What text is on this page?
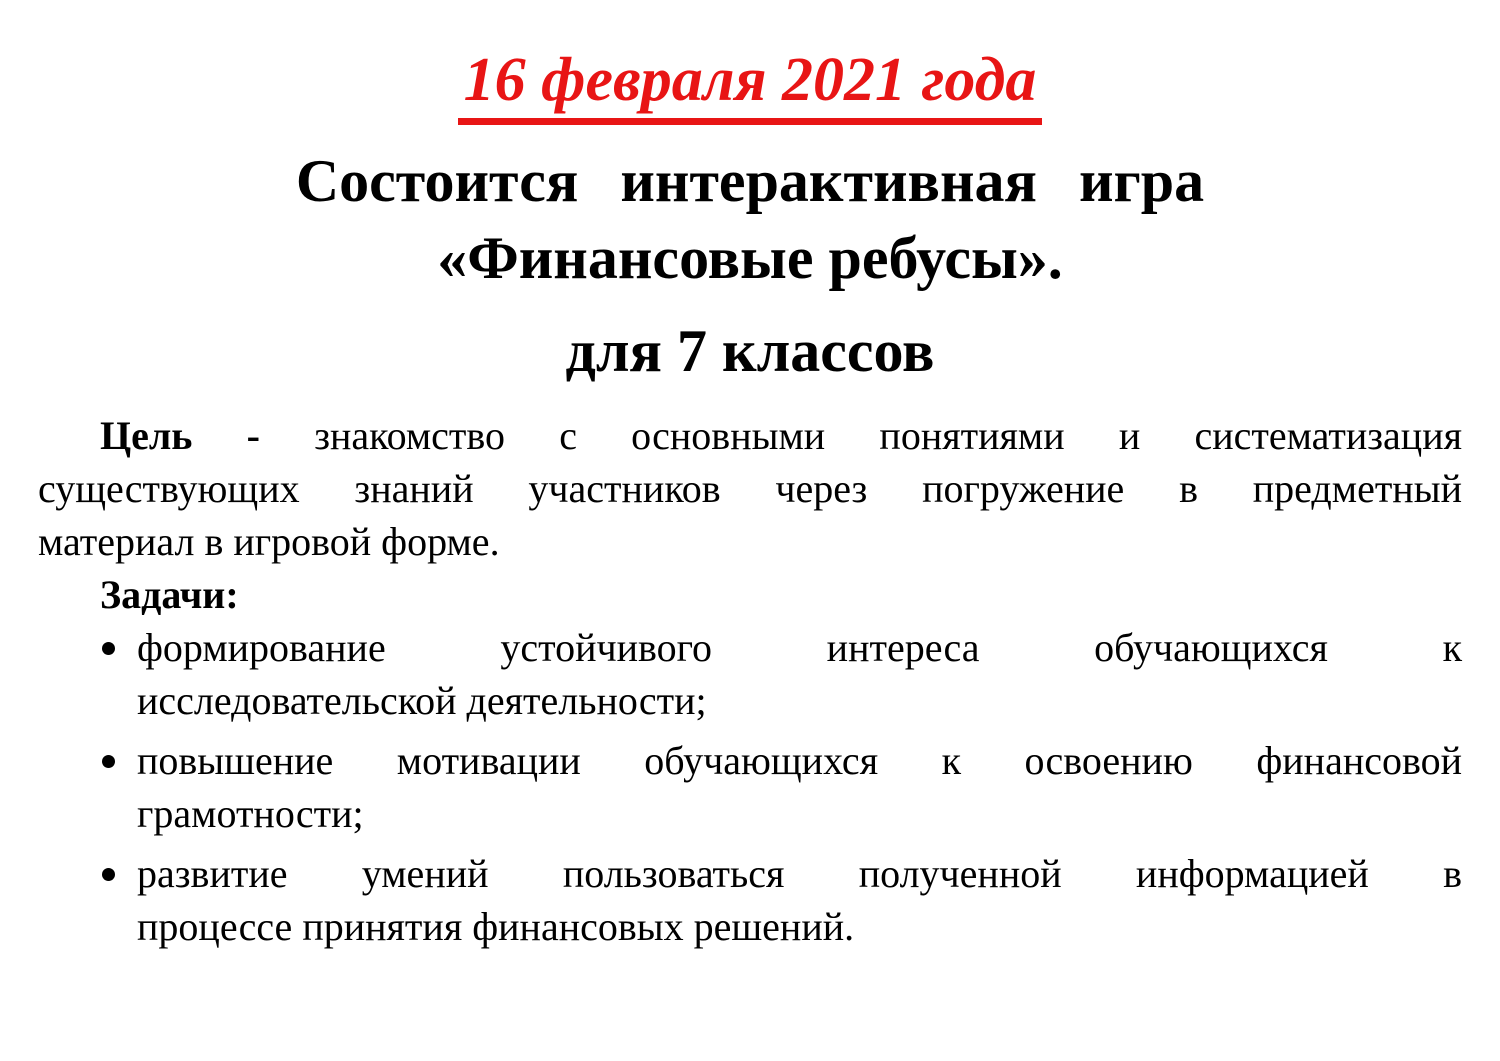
16 февраля 2021 года
Состоится интерактивная игра
«Финансовые ребусы».
для 7 классов
Цель - знакомство с основными понятиями и систематизация
существующих знаний участников через погружение в предметный
материал в игровой форме.
Задачи:
формирование устойчивого интереса обучающихся к
исследовательской деятельности;
повышение мотивации обучающихся к освоению финансовой
грамотности;
развитие умений пользоваться полученной информацией в
процессе принятия финансовых решений.
